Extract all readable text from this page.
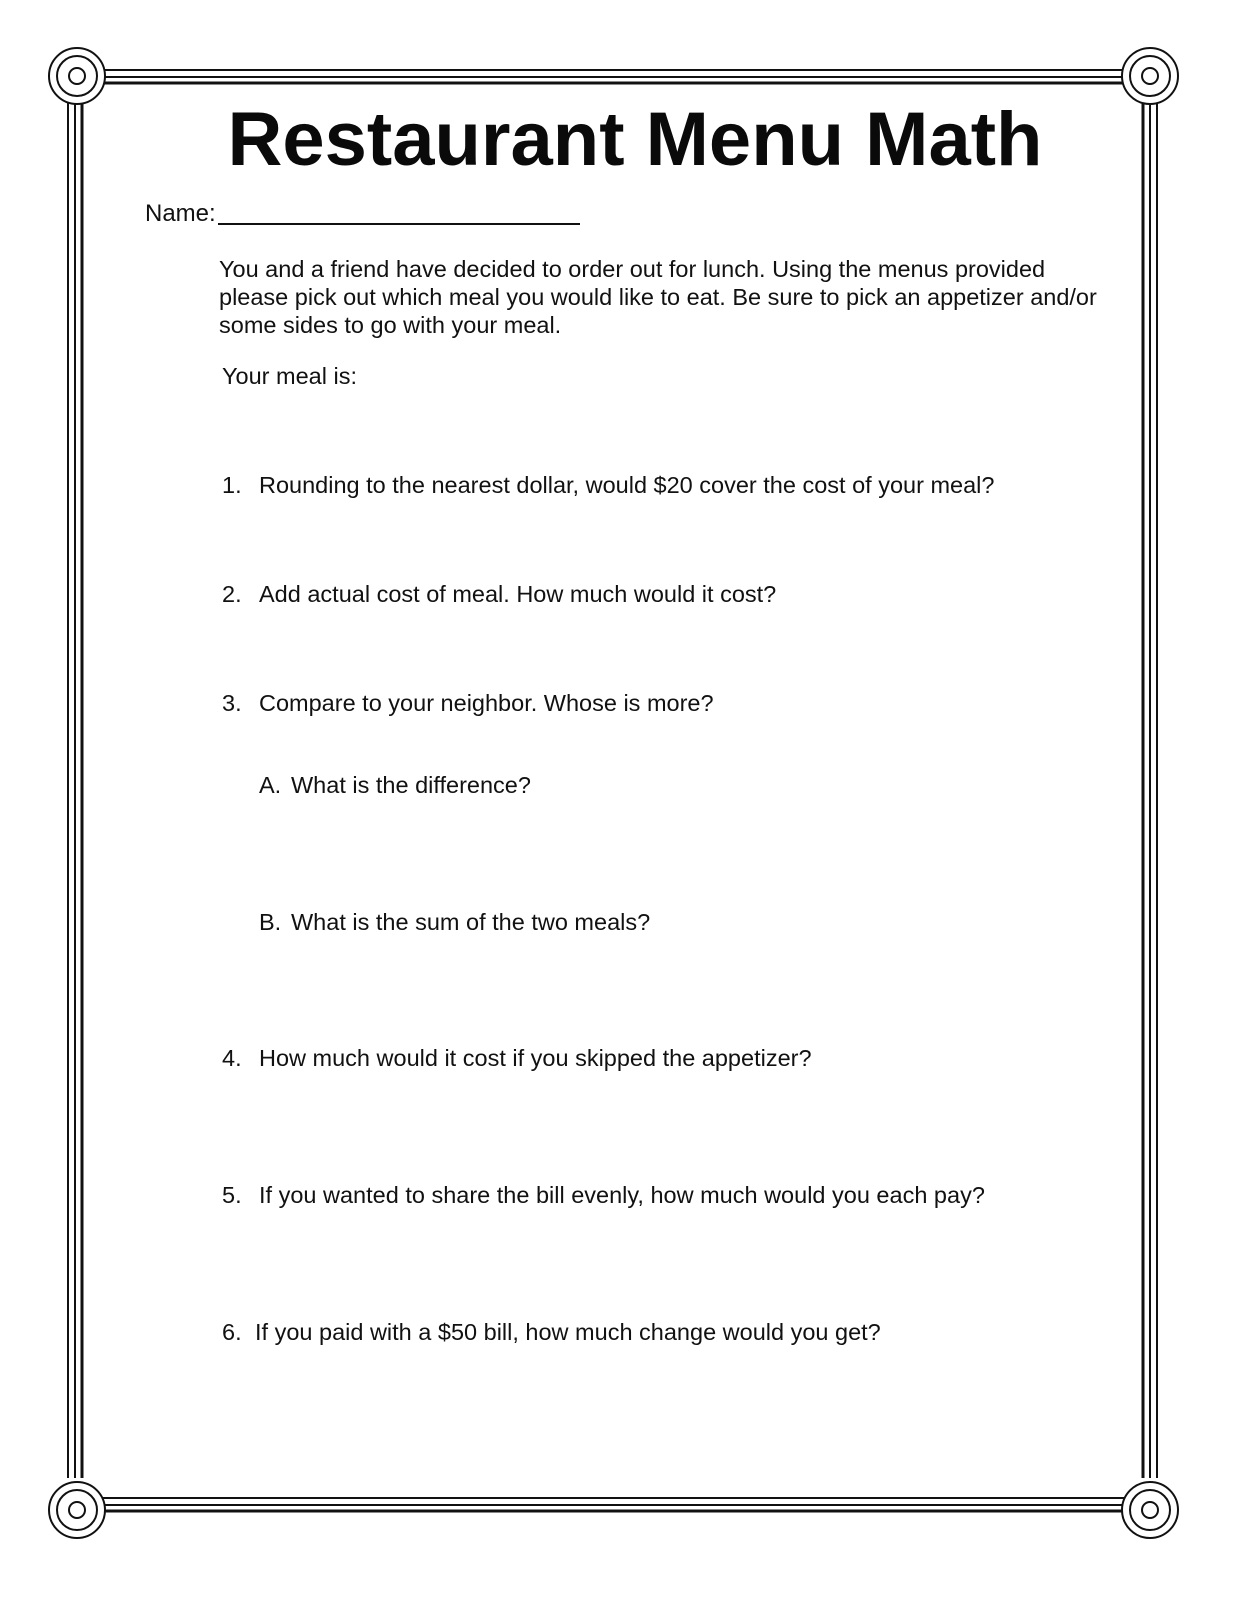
Restaurant Menu Math
Name:
You and a friend have decided to order out for lunch. Using the menus provided please pick out which meal you would like to eat. Be sure to pick an appetizer and/or some sides to go with your meal.
Your meal is:
1. Rounding to the nearest dollar, would $20 cover the cost of your meal?
2. Add actual cost of meal. How much would it cost?
3. Compare to your neighbor. Whose is more?
A. What is the difference?
B. What is the sum of the two meals?
4. How much would it cost if you skipped the appetizer?
5. If you wanted to share the bill evenly, how much would you each pay?
6. If you paid with a $50 bill, how much change would you get?
